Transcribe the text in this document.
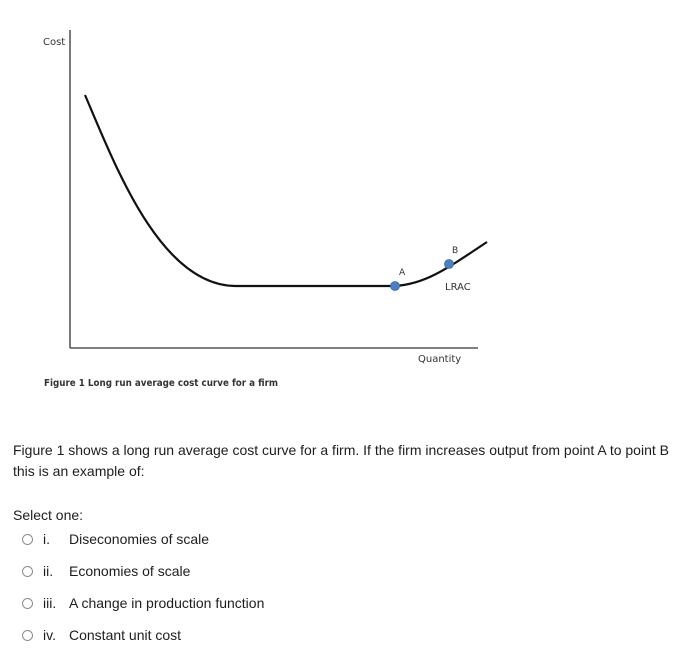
Cost
Quantity
LRAC
A
B
Figure 1 Long run average cost curve for a firm
Figure 1 shows a long run average cost curve for a firm. If the firm increases output from point A to point B this is an example of:
Select one:
i.	Diseconomies of scale
ii.	Economies of scale
iii. A change in production function
iv. Constant unit cost
